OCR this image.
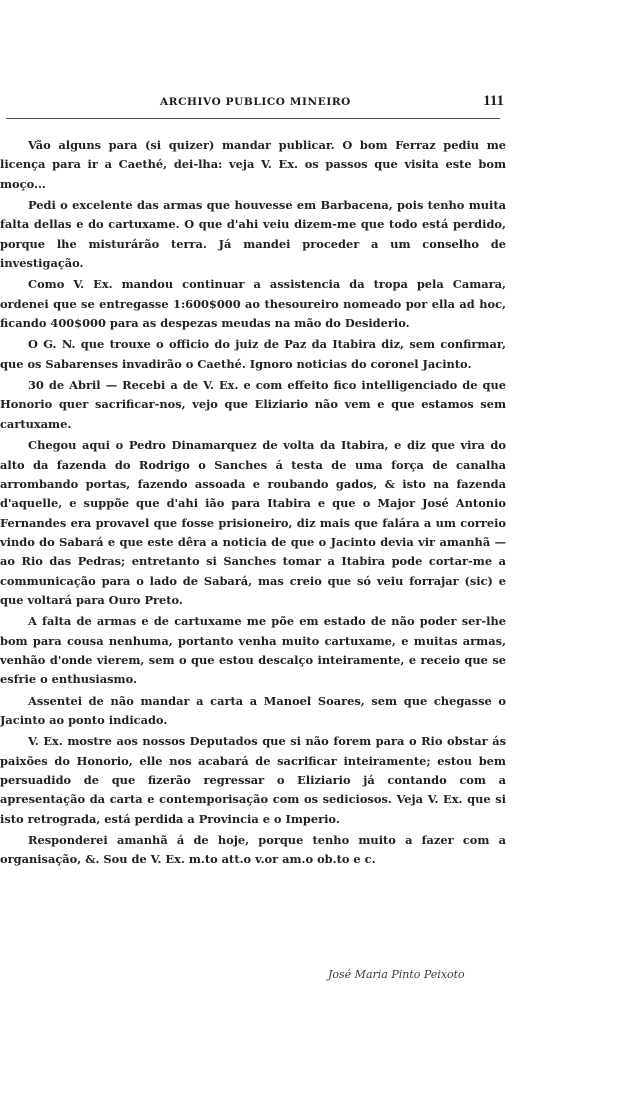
ARCHIVO PUBLICO MINEIRO	111

Vão alguns para (si quizer) mandar publicar. O bom Ferraz pediu me licença para ir a Caethé, dei-lha: veja V. Ex. os passos que visita este bom moço...

Pedi o excelente das armas que houvesse em Barbacena, pois tenho muita falta dellas e do cartuxame. O que d'ahi veiu dizem-me que todo está perdido, porque lhe misturárão terra. Já mandei proceder a um conselho de investigação.

Como V. Ex. mandou continuar a assistencia da tropa pela Camara, ordenei que se entregasse 1:600$000 ao thesoureiro nomeado por ella ad hoc, ficando 400$000 para as despezas meudas na mão do Desiderio.

O G. N. que trouxe o officio do juiz de Paz da Itabira diz, sem confirmar, que os Sabarenses invadirão o Caethé. Ignoro noticias do coronel Jacinto.

30 de Abril — Recebi a de V. Ex. e com effeito fico intelligenciado de que Honorio quer sacrificar-nos, vejo que Eliziario não vem e que estamos sem cartuxame.

Chegou aqui o Pedro Dinamarquez de volta da Itabira, e diz que vira do alto da fazenda do Rodrigo o Sanches á testa de uma força de canalha arrombando portas, fazendo assoada e roubando gados, & isto na fazenda d'aquelle, e suppõe que d'ahi ião para Itabira e que o Major José Antonio Fernandes era provavel que fosse prisioneiro, diz mais que falára a um correio vindo do Sabará e que este dêra a noticia de que o Jacinto devia vir amanhã — ao Rio das Pedras; entretanto si Sanches tomar a Itabira pode cortar-me a communicação para o lado de Sabará, mas creio que só veiu forrajar (sic) e que voltará para Ouro Preto.

A falta de armas e de cartuxame me põe em estado de não poder ser-lhe bom para cousa nenhuma, portanto venha muito cartuxame, e muitas armas, venhão d'onde vierem, sem o que estou descalço inteiramente, e receio que se esfrie o enthusiasmo.

Assentei de não mandar a carta a Manoel Soares, sem que chegasse o Jacinto ao ponto indicado.

V. Ex. mostre aos nossos Deputados que si não forem para o Rio obstar ás paixões do Honorio, elle nos acabará de sacrificar inteiramente; estou bem persuadido de que fizerão regressar o Eliziario já contando com a apresentação da carta e contemporisação com os sediciosos. Veja V. Ex. que si isto retrograda, está perdida a Provincia e o Imperio.

Responderei amanhã á de hoje, porque tenho muito a fazer com a organisação, &. Sou de V. Ex. m.to att.o v.or am.o ob.to e c.

José Maria Pinto Peixoto
